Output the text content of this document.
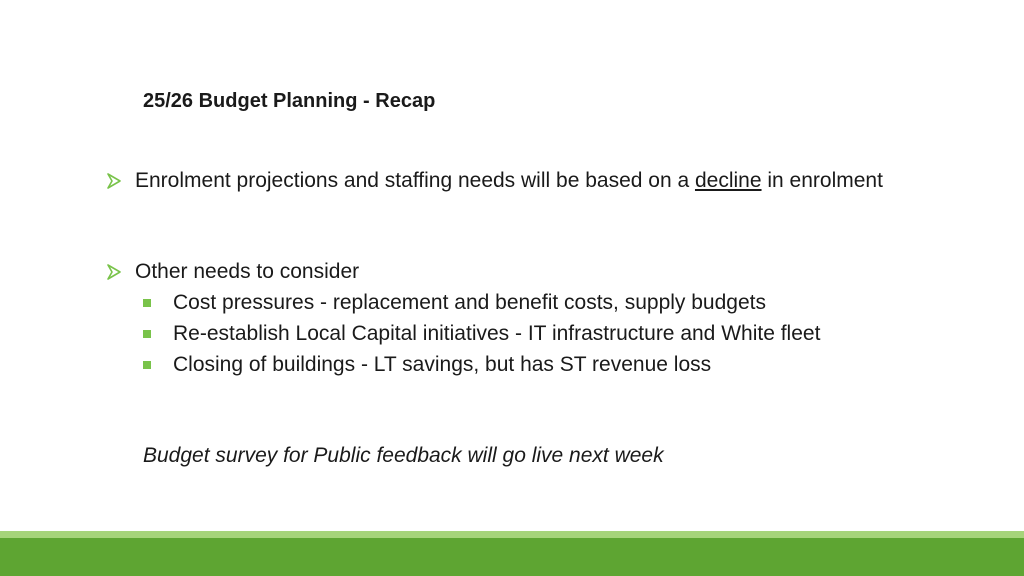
25/26 Budget Planning - Recap
Enrolment projections and staffing needs will be based on a decline in enrolment
Other needs to consider
Cost pressures - replacement and benefit costs, supply budgets
Re-establish Local Capital initiatives - IT infrastructure and White fleet
Closing of buildings - LT savings, but has ST revenue loss
Budget survey for Public feedback will go live next week
